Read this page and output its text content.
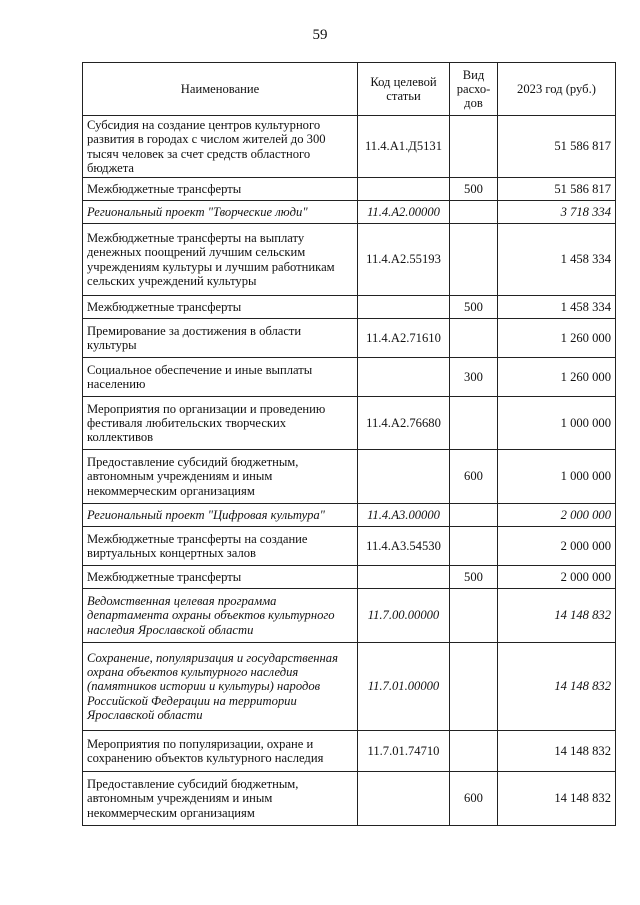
59
Наименование	Код целевой статьи	Вид расхо-дов	2023 год (руб.)
Субсидия на создание центров культурного развития в городах с числом жителей до 300 тысяч человек за счет средств областного бюджета	11.4.А1.Д5131		51 586 817
Межбюджетные трансферты		500	51 586 817
Региональный проект "Творческие люди"	11.4.А2.00000		3 718 334
Межбюджетные трансферты на выплату денежных поощрений лучшим сельским учреждениям культуры и лучшим работникам сельских учреждений культуры	11.4.А2.55193		1 458 334
Межбюджетные трансферты		500	1 458 334
Премирование за достижения в области культуры	11.4.А2.71610		1 260 000
Социальное обеспечение и иные выплаты населению		300	1 260 000
Мероприятия по организации и проведению фестиваля любительских творческих коллективов	11.4.А2.76680		1 000 000
Предоставление субсидий бюджетным, автономным учреждениям и иным некоммерческим организациям		600	1 000 000
Региональный проект "Цифровая культура"	11.4.А3.00000		2 000 000
Межбюджетные трансферты на создание виртуальных концертных залов	11.4.А3.54530		2 000 000
Межбюджетные трансферты		500	2 000 000
Ведомственная целевая программа департамента охраны объектов культурного наследия Ярославской области	11.7.00.00000		14 148 832
Сохранение, популяризация и государственная охрана объектов культурного наследия (памятников истории и культуры) народов Российской Федерации на территории Ярославской области	11.7.01.00000		14 148 832
Мероприятия по популяризации, охране и сохранению объектов культурного наследия	11.7.01.74710		14 148 832
Предоставление субсидий бюджетным, автономным учреждениям и иным некоммерческим организациям		600	14 148 832
